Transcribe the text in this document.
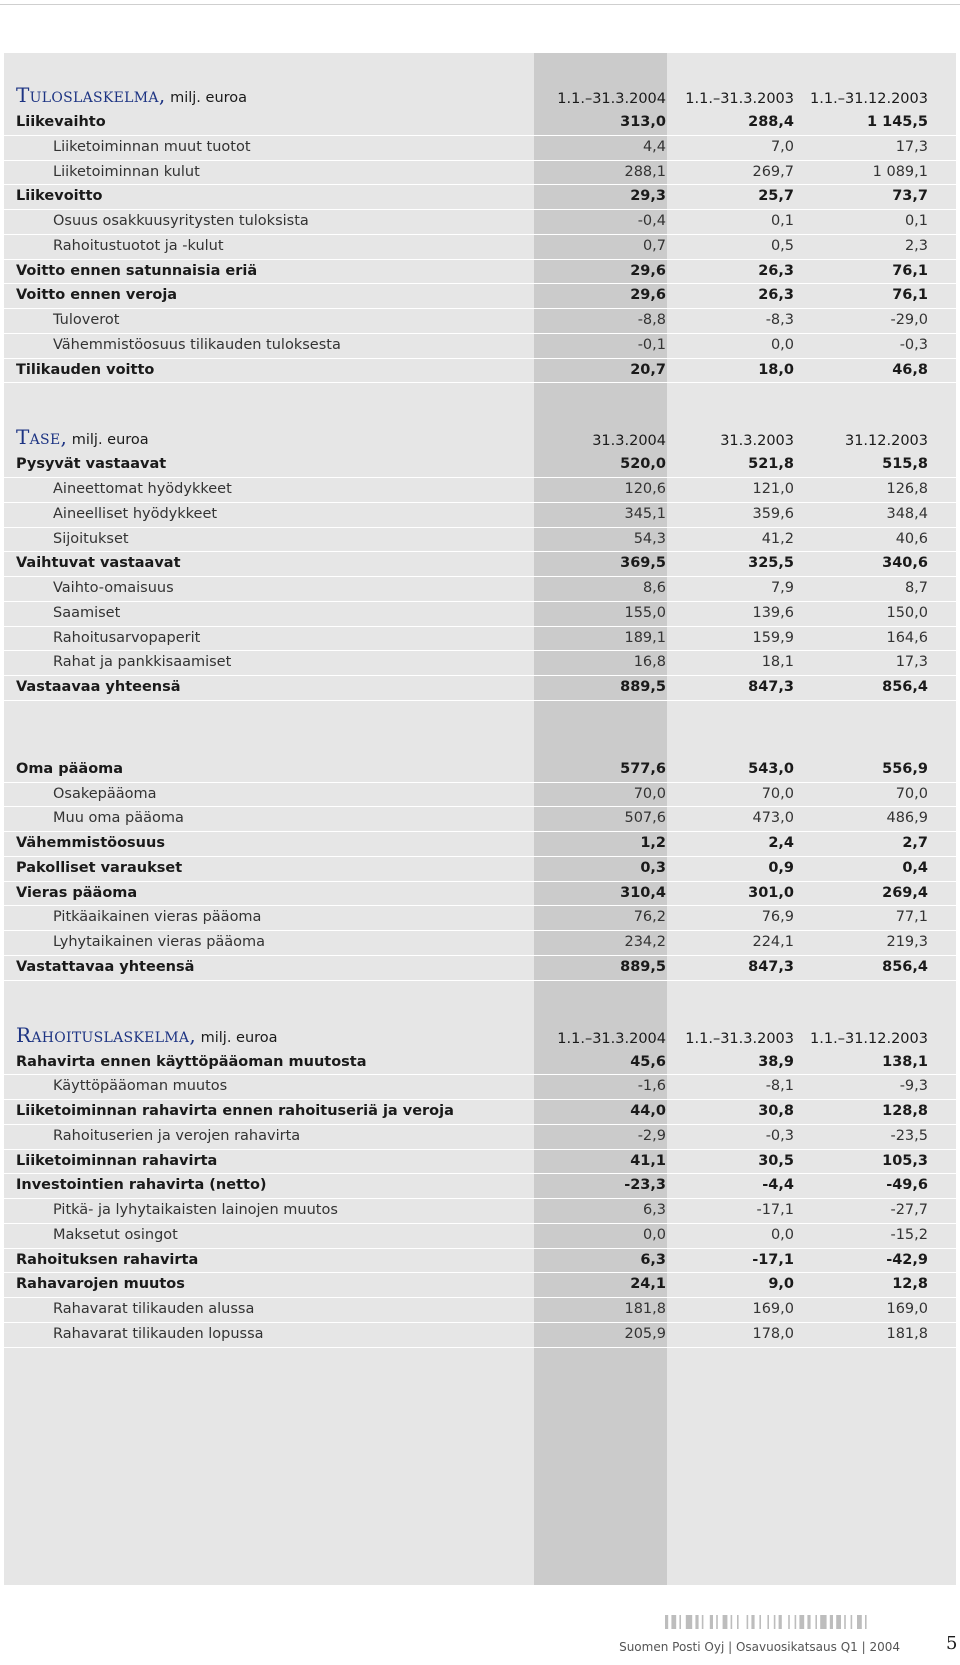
Tuloslaskelma, milj. euroa	1.1.–31.3.2004 1.1.–31.3.2003 1.1.–31.12.2003
Liikevaihto	313,0	288,4	1 145,5
Liiketoiminnan muut tuotot	4,4	7,0	17,3
Liiketoiminnan kulut	288,1	269,7	1 089,1
Liikevoitto	29,3	25,7	73,7
Osuus osakkuusyritysten tuloksista	-0,4	0,1	0,1
Rahoitustuotot ja -kulut	0,7	0,5	2,3
Voitto ennen satunnaisia eriä	29,6	26,3	76,1
Voitto ennen veroja	29,6	26,3	76,1
Tuloverot	-8,8	-8,3	-29,0
Vähemmistöosuus tilikauden tuloksesta	-0,1	0,0	-0,3
Tilikauden voitto	20,7	18,0	46,8
Tase, milj. euroa	31.3.2004	31.3.2003	31.12.2003
Pysyvät vastaavat	520,0	521,8	515,8
Aineettomat hyödykkeet	120,6	121,0	126,8
Aineelliset hyödykkeet	345,1	359,6	348,4
Sijoitukset	54,3	41,2	40,6
Vaihtuvat vastaavat	369,5	325,5	340,6
Vaihto-omaisuus	8,6	7,9	8,7
Saamiset	155,0	139,6	150,0
Rahoitusarvopaperit	189,1	159,9	164,6
Rahat ja pankkisaamiset	16,8	18,1	17,3
Vastaavaa yhteensä	889,5	847,3	856,4
Oma pääoma	577,6	543,0	556,9
Osakepääoma	70,0	70,0	70,0
Muu oma pääoma	507,6	473,0	486,9
Vähemmistöosuus	1,2	2,4	2,7
Pakolliset varaukset	0,3	0,9	0,4
Vieras pääoma	310,4	301,0	269,4
Pitkäaikainen vieras pääoma	76,2	76,9	77,1
Lyhytaikainen vieras pääoma	234,2	224,1	219,3
Vastattavaa yhteensä	889,5	847,3	856,4
Rahoituslaskelma, milj. euroa	1.1.–31.3.2004 1.1.–31.3.2003 1.1.–31.12.2003
Rahavirta ennen käyttöpääoman muutosta	45,6	38,9	138,1
Käyttöpääoman muutos	-1,6	-8,1	-9,3
Liiketoiminnan rahavirta ennen rahoituseriä ja veroja	44,0	30,8	128,8
Rahoituserien ja verojen rahavirta	-2,9	-0,3	-23,5
Liiketoiminnan rahavirta	41,1	30,5	105,3
Investointien rahavirta (netto)	-23,3	-4,4	-49,6
Pitkä- ja lyhytaikaisten lainojen muutos	6,3	-17,1	-27,7
Maksetut osingot	0,0	0,0	-15,2
Rahoituksen rahavirta	6,3	-17,1	-42,9
Rahavarojen muutos	24,1	9,0	12,8
Rahavarat tilikauden alussa	181,8	169,0	169,0
Rahavarat tilikauden lopussa	205,9	178,0	181,8
Suomen Posti Oyj | Osavuosikatsaus Q1 | 2004	5
